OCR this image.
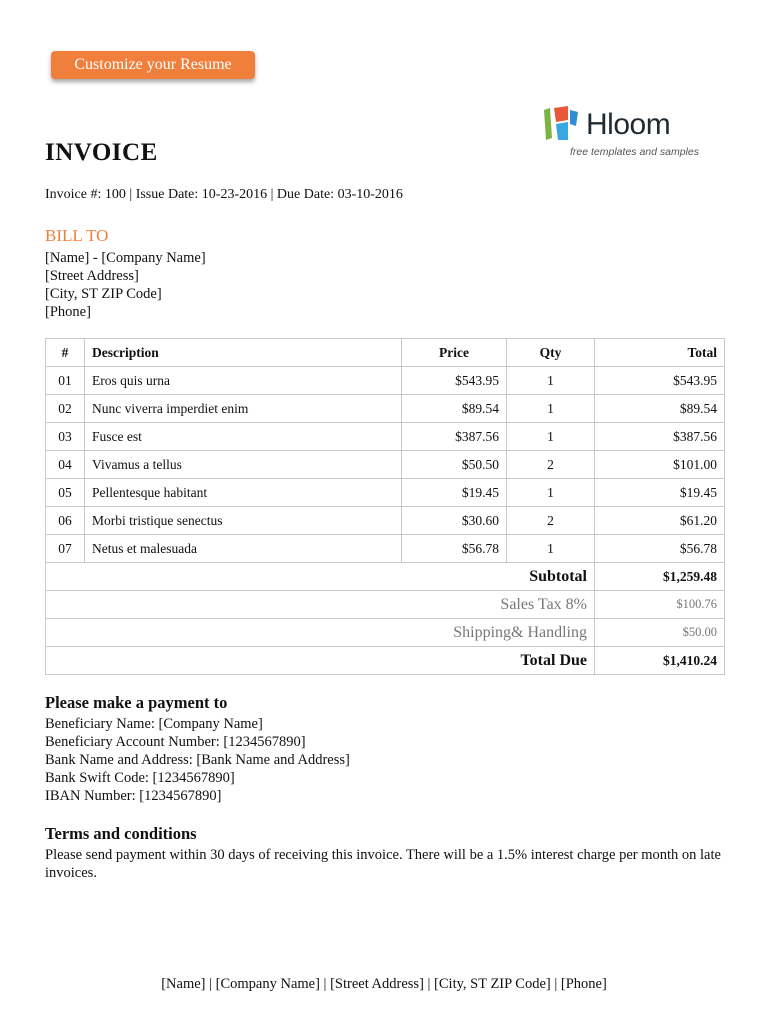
Customize your Resume
Hloom
free templates and samples
INVOICE
Invoice #: 100 | Issue Date: 10-23-2016 | Due Date: 03-10-2016
BILL TO
[Name] - [Company Name]
[Street Address]
[City, ST ZIP Code]
[Phone]
#	Description	Price	Qty	Total
01	Eros quis urna	$543.95	1	$543.95
02	Nunc viverra imperdiet enim	$89.54	1	$89.54
03	Fusce est	$387.56	1	$387.56
04	Vivamus a tellus	$50.50	2	$101.00
05	Pellentesque habitant	$19.45	1	$19.45
06	Morbi tristique senectus	$30.60	2	$61.20
07	Netus et malesuada	$56.78	1	$56.78
Subtotal				$1,259.48
Sales Tax 8%				$100.76
Shipping& Handling				$50.00
Total Due				$1,410.24
Please make a payment to
Beneficiary Name: [Company Name]
Beneficiary Account Number: [1234567890]
Bank Name and Address: [Bank Name and Address]
Bank Swift Code: [1234567890]
IBAN Number: [1234567890]
Terms and conditions
Please send payment within 30 days of receiving this invoice. There will be a 1.5% interest charge per month on late invoices.
[Name] | [Company Name] | [Street Address] | [City, ST ZIP Code] | [Phone]
